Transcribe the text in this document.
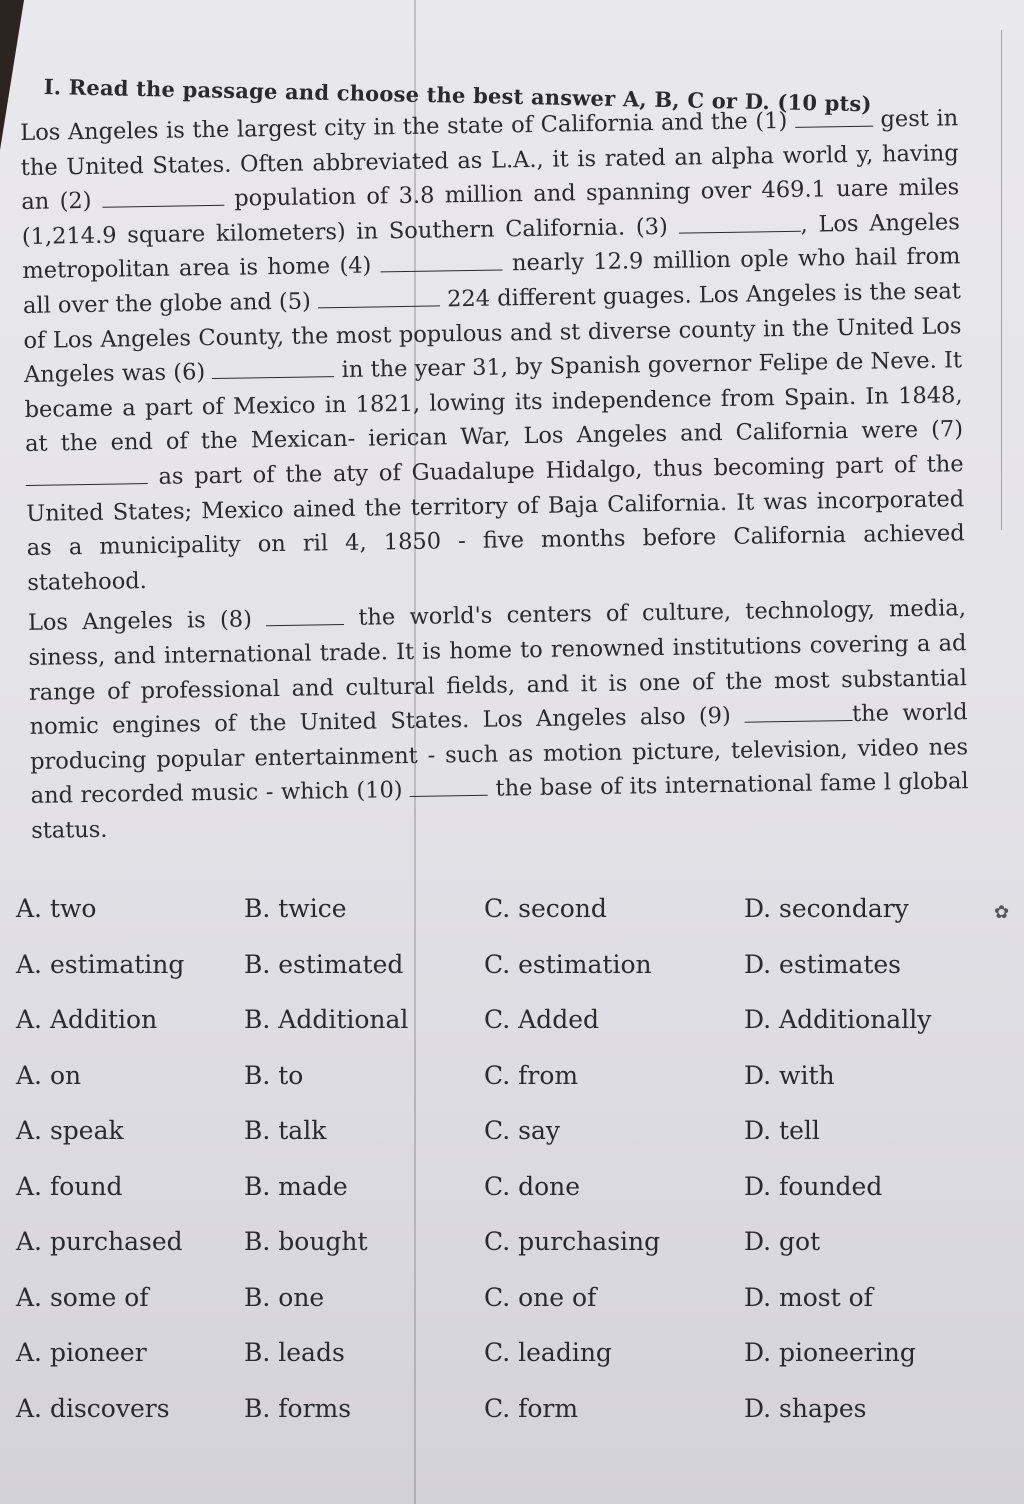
I. Read the passage and choose the best answer A, B, C or D. (10 pts)

Los Angeles is the largest city in the state of California and the (1)	gest in the United States. Often abbreviated as L.A., it is rated an alpha world y, having an (2)	population of 3.8 million and spanning over 469.1 uare miles (1,214.9 square kilometers) in Southern California. (3)	, Los Angeles metropolitan area is home (4)	nearly 12.9 million ople who hail from all over the globe and (5)	224 different guages. Los Angeles is the seat of Los Angeles County, the most populous and st diverse county in the United Los Angeles was (6)	in the year 31, by Spanish governor Felipe de Neve. It became a part of Mexico in 1821, lowing its independence from Spain. In 1848, at the end of the Mexican- ierican War, Los Angeles and California were (7)  as part of the aty of Guadalupe Hidalgo, thus becoming part of the United States; Mexico ained the territory of Baja California. It was incorporated as a municipality on ril 4, 1850 - five months before California achieved statehood.

Los Angeles is (8)	the world's centers of culture, technology, media, siness, and international trade. It is home to renowned institutions covering a ad range of professional and cultural fields, and it is one of the most substantial nomic engines of the United States. Los Angeles also (9)	the world producing popular entertainment - such as motion picture, television, video nes and recorded music - which (10)	the base of its international fame l global status.

A. two	B. twice	C. second	D. secondary
A. estimating B. estimated	C. estimation	D. estimates
A. Addition	B. Additional	C. Added	D. Additionally
A. on	B. to	C. from	D. with
A. speak	B. talk	C. say	D. tell
A. found	B. made	C. done	D. founded
A. purchased B. bought	C. purchasing	D. got
A. some of	B. one	C. one of	D. most of
A. pioneer	B. leads	C. leading	D. pioneering
A. discovers	B. forms	C. form	D. shapes
✿
